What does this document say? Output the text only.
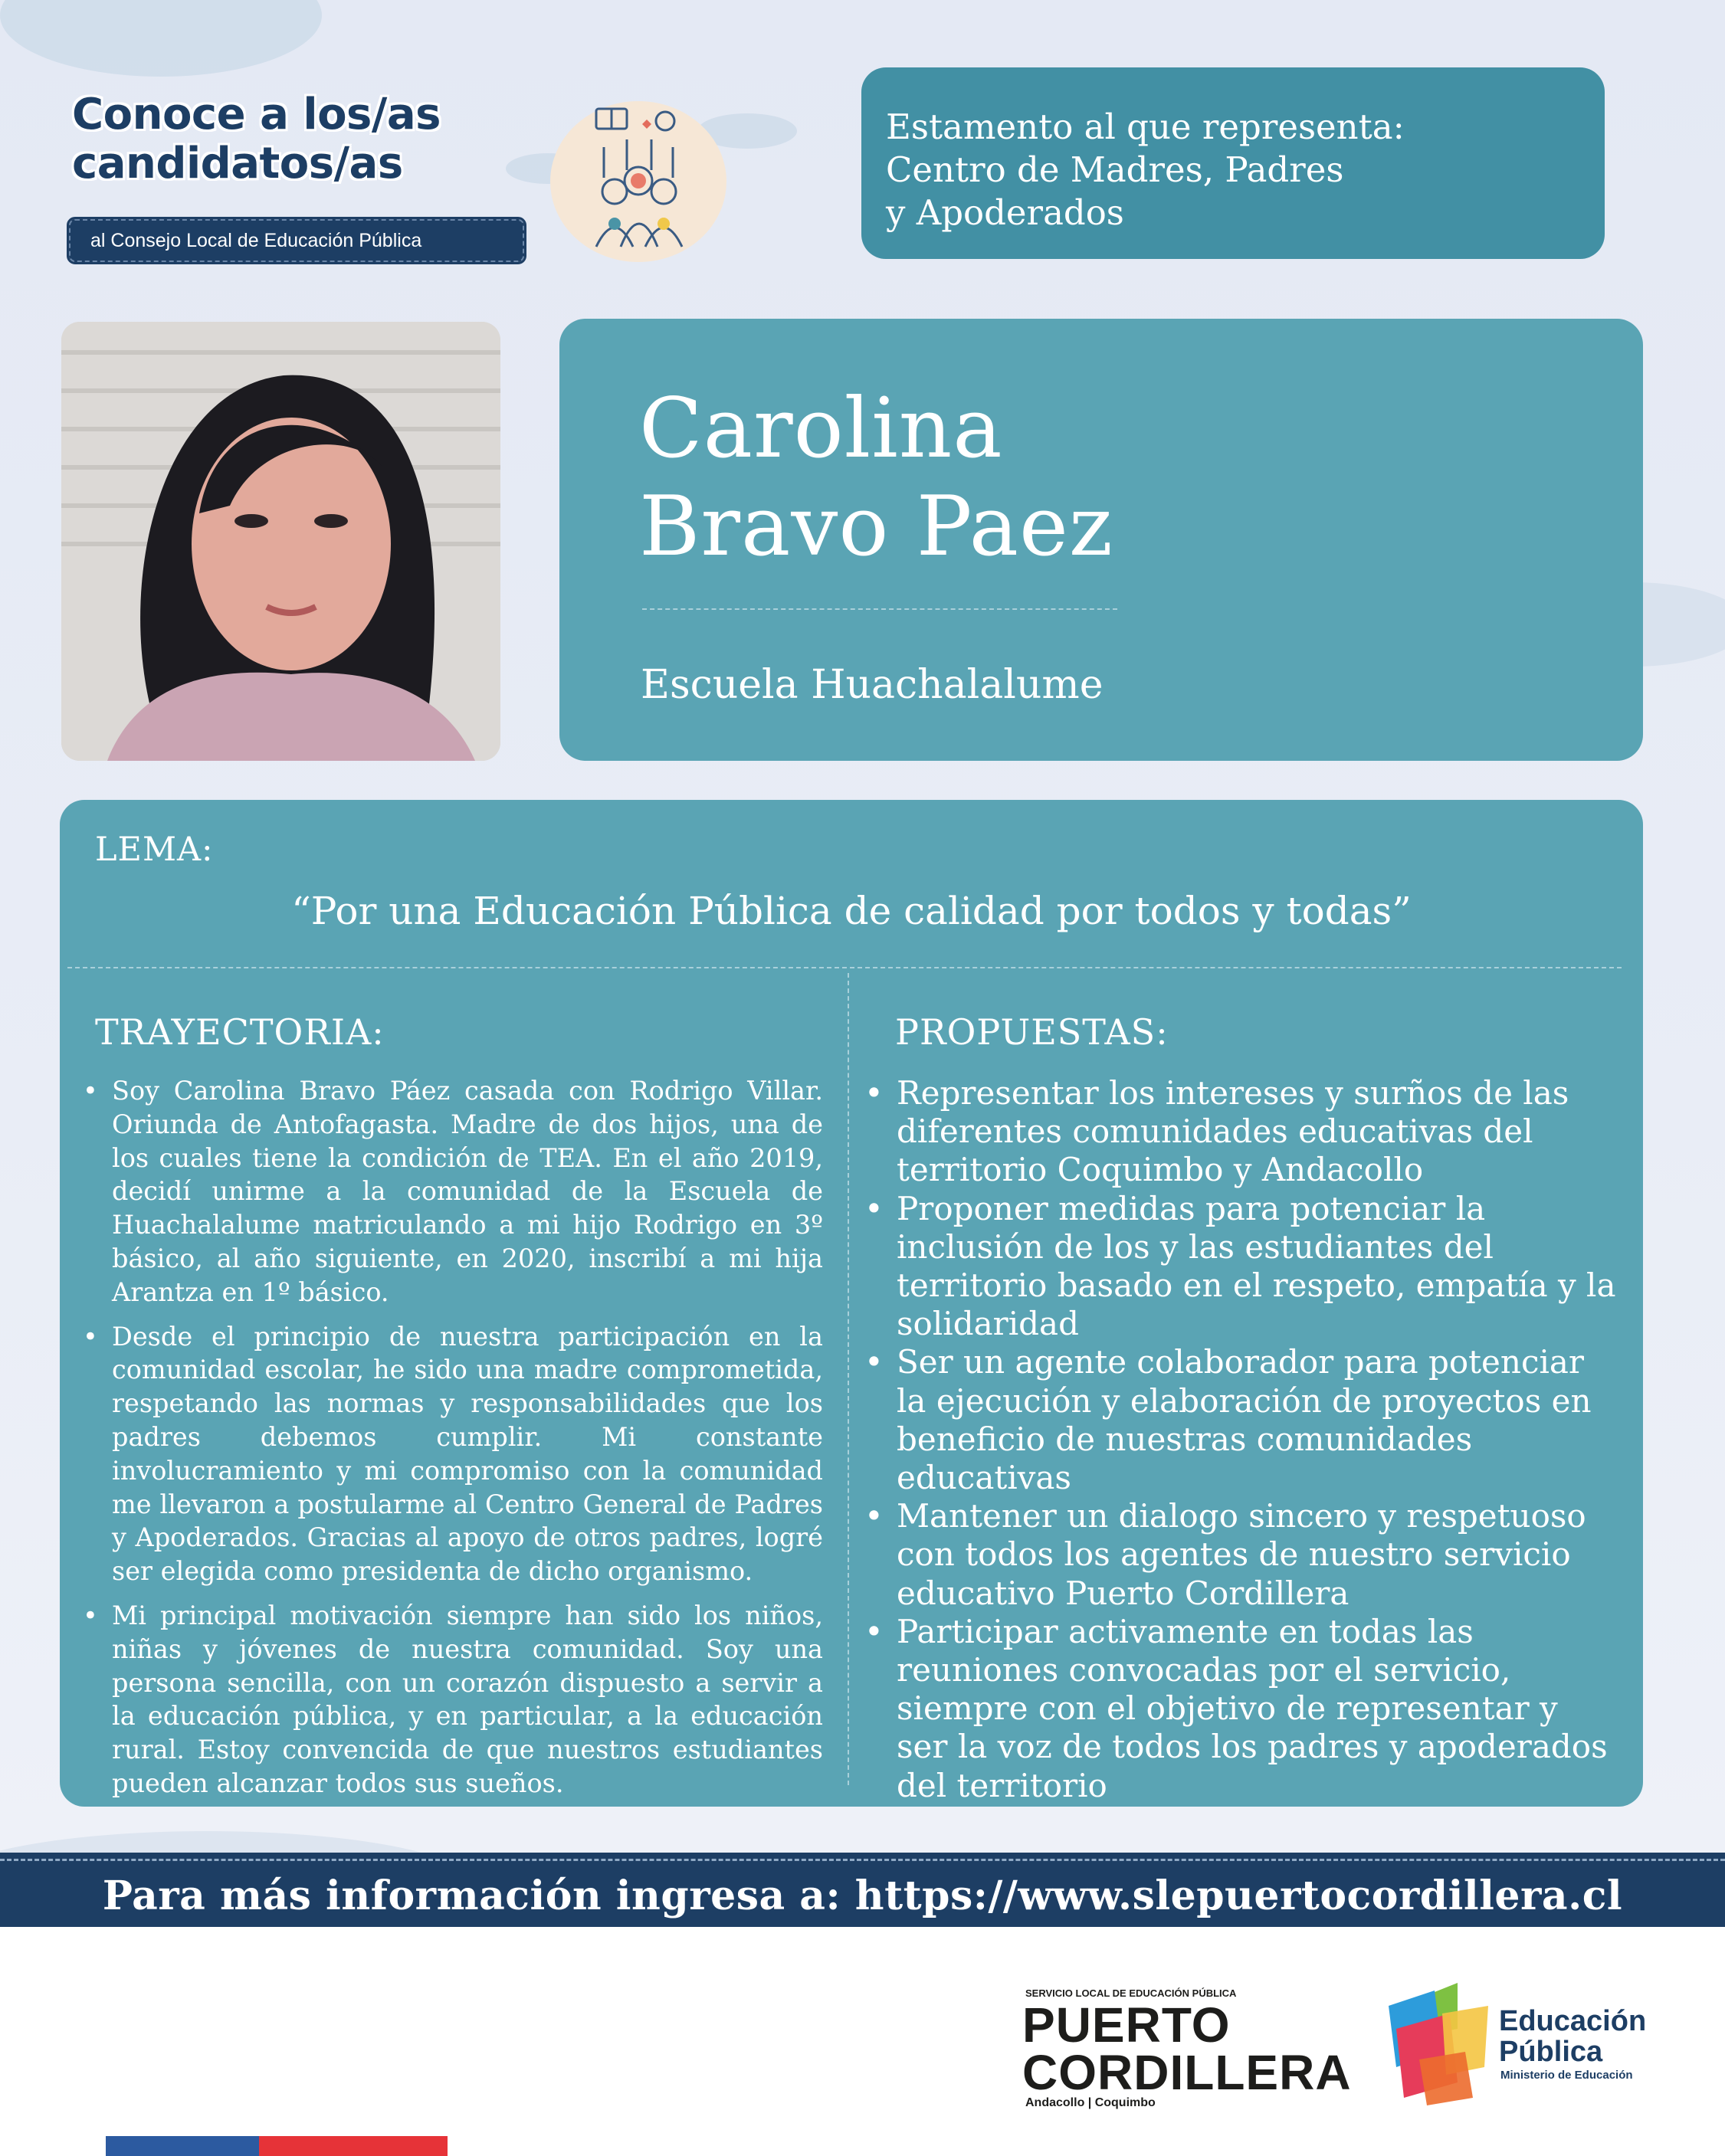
Conoce a los/as
candidatos/as
al Consejo Local de Educación Pública
Estamento al que representa:
Centro de Madres, Padres
y Apoderados
Carolina
Bravo Paez
Escuela Huachalalume
LEMA:
“Por una Educación Pública de calidad por todos y todas”
TRAYECTORIA:
• Soy Carolina Bravo Páez casada con Rodrigo Villar. Oriunda de Antofagasta. Madre de dos hijos, una de los cuales tiene la condición de TEA. En el año 2019, decidí unirme a la comunidad de la Escuela de Huachalalume matriculando a mi hijo Rodrigo en 3º básico, al año siguiente, en 2020, inscribí a mi hija Arantza en 1º básico.
• Desde el principio de nuestra participación en la comunidad escolar, he sido una madre comprometida, respetando las normas y responsabilidades que los padres debemos cumplir. Mi constante involucramiento y mi compromiso con la comunidad me llevaron a postularme al Centro General de Padres y Apoderados. Gracias al apoyo de otros padres, logré ser elegida como presidenta de dicho organismo.
• Mi principal motivación siempre han sido los niños, niñas y jóvenes de nuestra comunidad. Soy una persona sencilla, con un corazón dispuesto a servir a la educación pública, y en particular, a la educación rural. Estoy convencida de que nuestros estudiantes pueden alcanzar todos sus sueños.
PROPUESTAS:
• Representar los intereses y surños de las diferentes comunidades educativas del territorio Coquimbo y Andacollo
• Proponer medidas para potenciar la inclusión de los y las estudiantes del territorio basado en el respeto, empatía y la solidaridad
• Ser un agente colaborador para potenciar la ejecución y elaboración de proyectos en beneficio de nuestras comunidades educativas
• Mantener un dialogo sincero y respetuoso con todos los agentes de nuestro servicio educativo Puerto Cordillera
• Participar activamente en todas las reuniones convocadas por el servicio, siempre con el objetivo de representar y ser la voz de todos los padres y apoderados del territorio
Para más información ingresa a: https://www.slepuertocordillera.cl
SERVICIO LOCAL DE EDUCACIÓN PÚBLICA
PUERTO
CORDILLERA
Andacollo | Coquimbo
Educación
Pública
Ministerio de Educación
